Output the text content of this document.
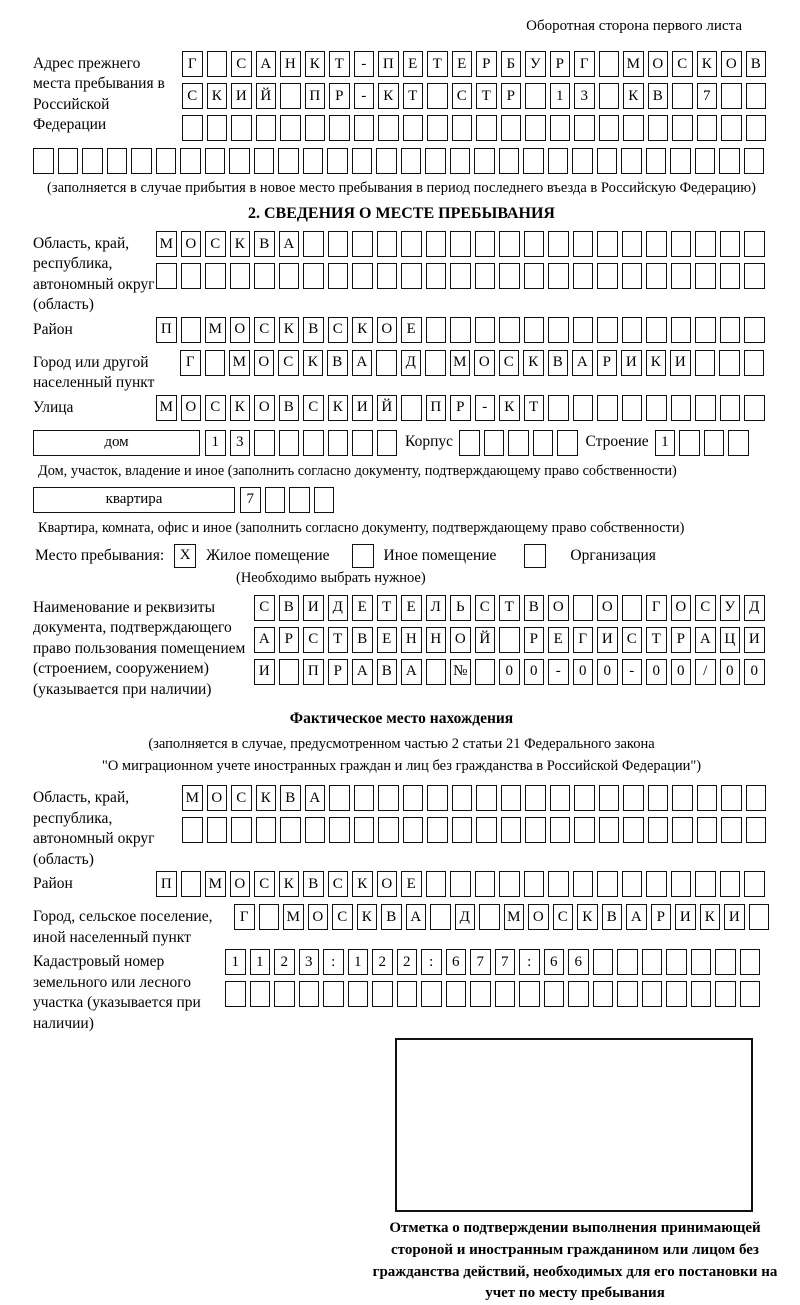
Оборотная сторона первого листа
Адрес прежнего места пребывания в Российской Федерации
Г	С А Н К Т	-	П Е	Т	Е	Р	Б У	Р	Г	М О С К О В
С К И Й	П Р	-	К Т	С Т	Р	1	3	К В	7
(заполняется в случае прибытия в новое место пребывания в период последнего въезда в Российскую Федерацию)
2. СВЕДЕНИЯ О МЕСТЕ ПРЕБЫВАНИЯ
Область, край, республика, автономный округ (область)
М О С К В А
Район	П	М О С К В С К О Е
Город или другой населенный пункт
Г	М О С К В А	Д	М О С К В А Р И К И
Улица	М О С К О В С К И Й	П Р	-	К Т
дом	1	3	Корпус	Строение 1
Дом, участок, владение и иное (заполнить согласно документу, подтверждающему право собственности)
квартира	7
Квартира, комната, офис и иное (заполнить согласно документу, подтверждающему право собственности)
Место пребывания:	X	Жилое помещение	Иное помещение	Организация
(Необходимо выбрать нужное)
Наименование и реквизиты документа, подтверждающего право пользования помещением (строением, сооружением) (указывается при наличии)
С В И Д Е	Т	Е Л	Ь	С Т В О	О	Г О С У Д
А Р	С Т В Е Н Н О Й	Р	Е	Г И С Т	Р А Ц И
И	П Р А В А	№	0	0	-	0	0	-	0	0	/	0	0
Фактическое место нахождения
(заполняется в случае, предусмотренном частью 2 статьи 21 Федерального закона
"О миграционном учете иностранных граждан и лиц без гражданства в Российской Федерации")
Область, край, республика, автономный округ (область)
М О С К В А
Район	П	М О С К В С К О Е
Город, сельское поселение, иной населенный пункт
Г	М О С К В А	Д	М О С К В А Р И К И
Кадастровый номер земельного или лесного участка (указывается при наличии)
1	1	2	3	:	1	2	2	:	6	7	7	:	6	6
Отметка о подтверждении выполнения принимающей стороной и иностранным гражданином или лицом без гражданства действий, необходимых для его постановки на учет по месту пребывания
